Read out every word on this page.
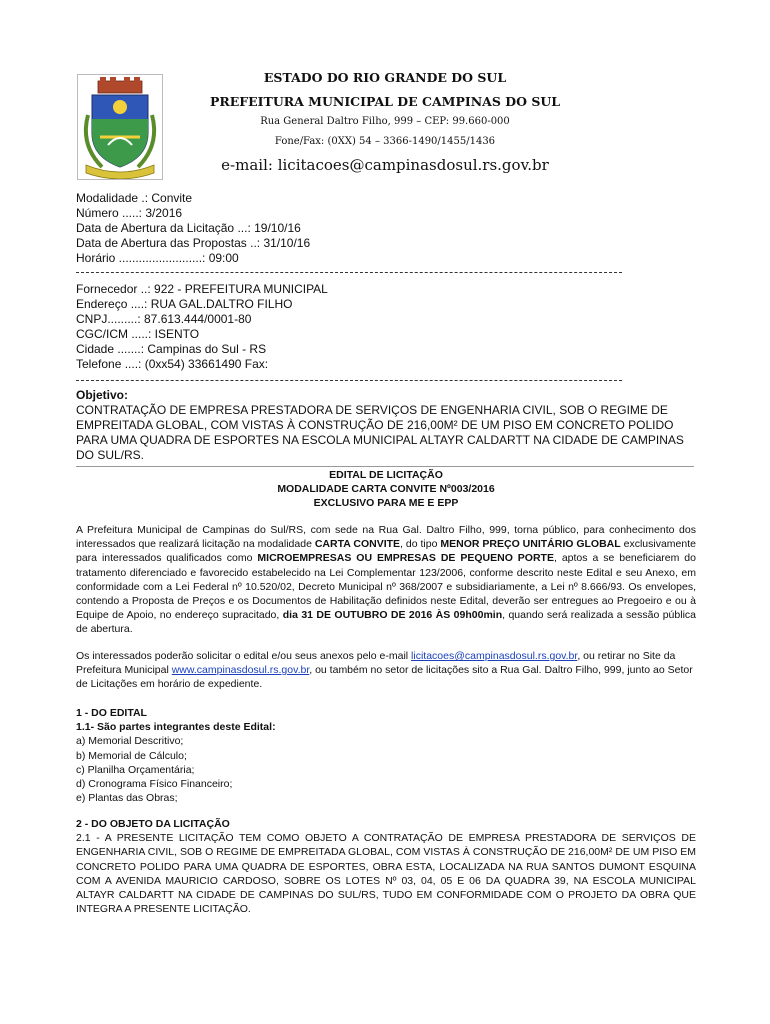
ESTADO DO RIO GRANDE DO SUL
PREFEITURA MUNICIPAL DE CAMPINAS DO SUL
Rua General Daltro Filho, 999 – CEP: 99.660-000
Fone/Fax: (0XX) 54 – 3366-1490/1455/1436
e-mail: licitacoes@campinasdosul.rs.gov.br

Modalidade .: Convite

Número .....: 3/2016

Data de Abertura da Licitação ...: 19/10/16

Data de Abertura das Propostas ..: 31/10/16

Horário .........................: 09:00

Fornecedor ..: 922 - PREFEITURA MUNICIPAL

Endereço ....: RUA GAL.DALTRO FILHO

CNPJ.........: 87.613.444/0001-80

CGC/ICM .....: ISENTO

Cidade .......: Campinas do Sul - RS

Telefone ....: (0xx54) 33661490 Fax:

Objetivo:

CONTRATAÇÃO DE EMPRESA PRESTADORA DE SERVIÇOS DE ENGENHARIA CIVIL, SOB O REGIME DE EMPREITADA GLOBAL, COM VISTAS À CONSTRUÇÃO DE 216,00M² DE UM PISO EM CONCRETO POLIDO PARA UMA QUADRA DE ESPORTES NA ESCOLA MUNICIPAL ALTAYR CALDARTT NA CIDADE DE CAMPINAS DO SUL/RS.

EDITAL DE LICITAÇÃO

MODALIDADE CARTA CONVITE Nº003/2016

EXCLUSIVO PARA ME E EPP

A Prefeitura Municipal de Campinas do Sul/RS, com sede na Rua Gal. Daltro Filho, 999, torna público, para conhecimento dos interessados que realizará licitação na modalidade CARTA CONVITE, do tipo MENOR PREÇO UNITÁRIO GLOBAL exclusivamente para interessados qualificados como MICROEMPRESAS OU EMPRESAS DE PEQUENO PORTE, aptos a se beneficiarem do tratamento diferenciado e favorecido estabelecido na Lei Complementar 123/2006, conforme descrito neste Edital e seu Anexo, em conformidade com a Lei Federal nº 10.520/02, Decreto Municipal nº 368/2007 e subsidiariamente, a Lei nº 8.666/93. Os envelopes, contendo a Proposta de Preços e os Documentos de Habilitação definidos neste Edital, deverão ser entregues ao Pregoeiro e ou à Equipe de Apoio, no endereço supracitado, dia 31 DE OUTUBRO DE 2016 ÀS 09h00min, quando será realizada a sessão pública de abertura.

Os interessados poderão solicitar o edital e/ou seus anexos pelo e-mail licitacoes@campinasdosul.rs.gov.br, ou retirar no Site da Prefeitura Municipal www.campinasdosul.rs.gov.br, ou também no setor de licitações sito a Rua Gal. Daltro Filho, 999, junto ao Setor de Licitações em horário de expediente.

1 - DO EDITAL

1.1- São partes integrantes deste Edital:

a) Memorial Descritivo;

b) Memorial de Cálculo;

c) Planilha Orçamentária;

d) Cronograma Físico Financeiro;

e) Plantas das Obras;

2 - DO OBJETO DA LICITAÇÃO

2.1 - A PRESENTE LICITAÇÃO TEM COMO OBJETO A CONTRATAÇÃO DE EMPRESA PRESTADORA DE SERVIÇOS DE ENGENHARIA CIVIL, SOB O REGIME DE EMPREITADA GLOBAL, COM VISTAS À CONSTRUÇÃO DE 216,00M² DE UM PISO EM CONCRETO POLIDO PARA UMA QUADRA DE ESPORTES, OBRA ESTA, LOCALIZADA NA RUA SANTOS DUMONT ESQUINA COM A AVENIDA MAURICIO CARDOSO, SOBRE OS LOTES Nº 03, 04, 05 E 06 DA QUADRA 39, NA ESCOLA MUNICIPAL ALTAYR CALDARTT NA CIDADE DE CAMPINAS DO SUL/RS, TUDO EM CONFORMIDADE COM O PROJETO DA OBRA QUE INTEGRA A PRESENTE LICITAÇÃO.
